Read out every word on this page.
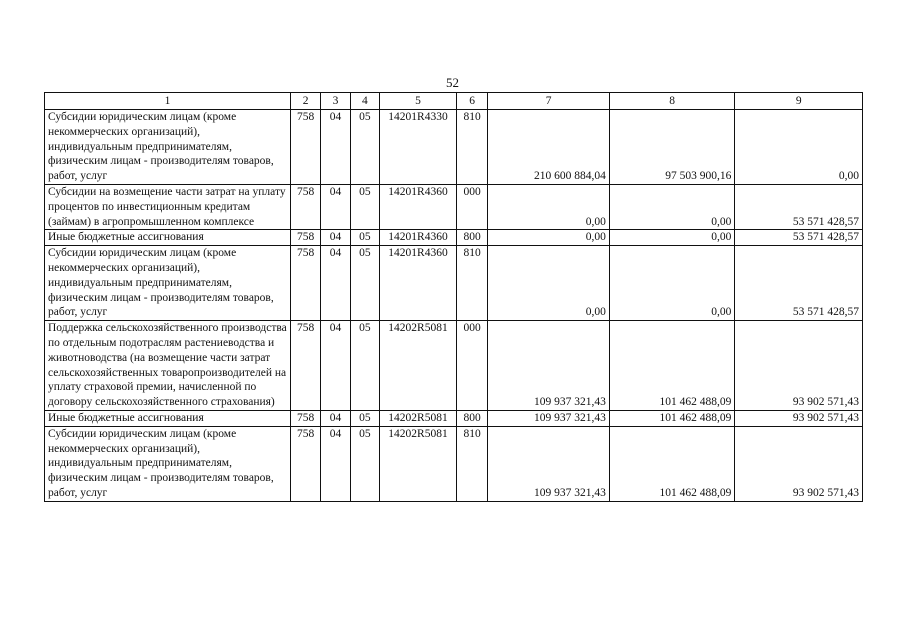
52
1	2	3	4	5	6	7	8	9
Субсидии юридическим лицам (кроме некоммерческих организаций), индивидуальным предпринимателям, физическим лицам - производителям товаров, работ, услуг	758	04	05	14201R4330	810	210 600 884,04	97 503 900,16	0,00
Субсидии на возмещение части затрат на уплату процентов по инвестиционным кредитам (займам) в агропромышленном комплексе	758	04	05	14201R4360	000	0,00	0,00	53 571 428,57
Иные бюджетные ассигнования	758	04	05	14201R4360	800	0,00	0,00	53 571 428,57
Субсидии юридическим лицам (кроме некоммерческих организаций), индивидуальным предпринимателям, физическим лицам - производителям товаров, работ, услуг	758	04	05	14201R4360	810	0,00	0,00	53 571 428,57
Поддержка сельскохозяйственного производства по отдельным подотраслям растениеводства и животноводства (на возмещение части затрат сельскохозяйственных товаропроизводителей на уплату страховой премии, начисленной по договору сельскохозяйственного страхования)	758	04	05	14202R5081	000	109 937 321,43	101 462 488,09	93 902 571,43
Иные бюджетные ассигнования	758	04	05	14202R5081	800	109 937 321,43	101 462 488,09	93 902 571,43
Субсидии юридическим лицам (кроме некоммерческих организаций), индивидуальным предпринимателям, физическим лицам - производителям товаров, работ, услуг	758	04	05	14202R5081	810	109 937 321,43	101 462 488,09	93 902 571,43
